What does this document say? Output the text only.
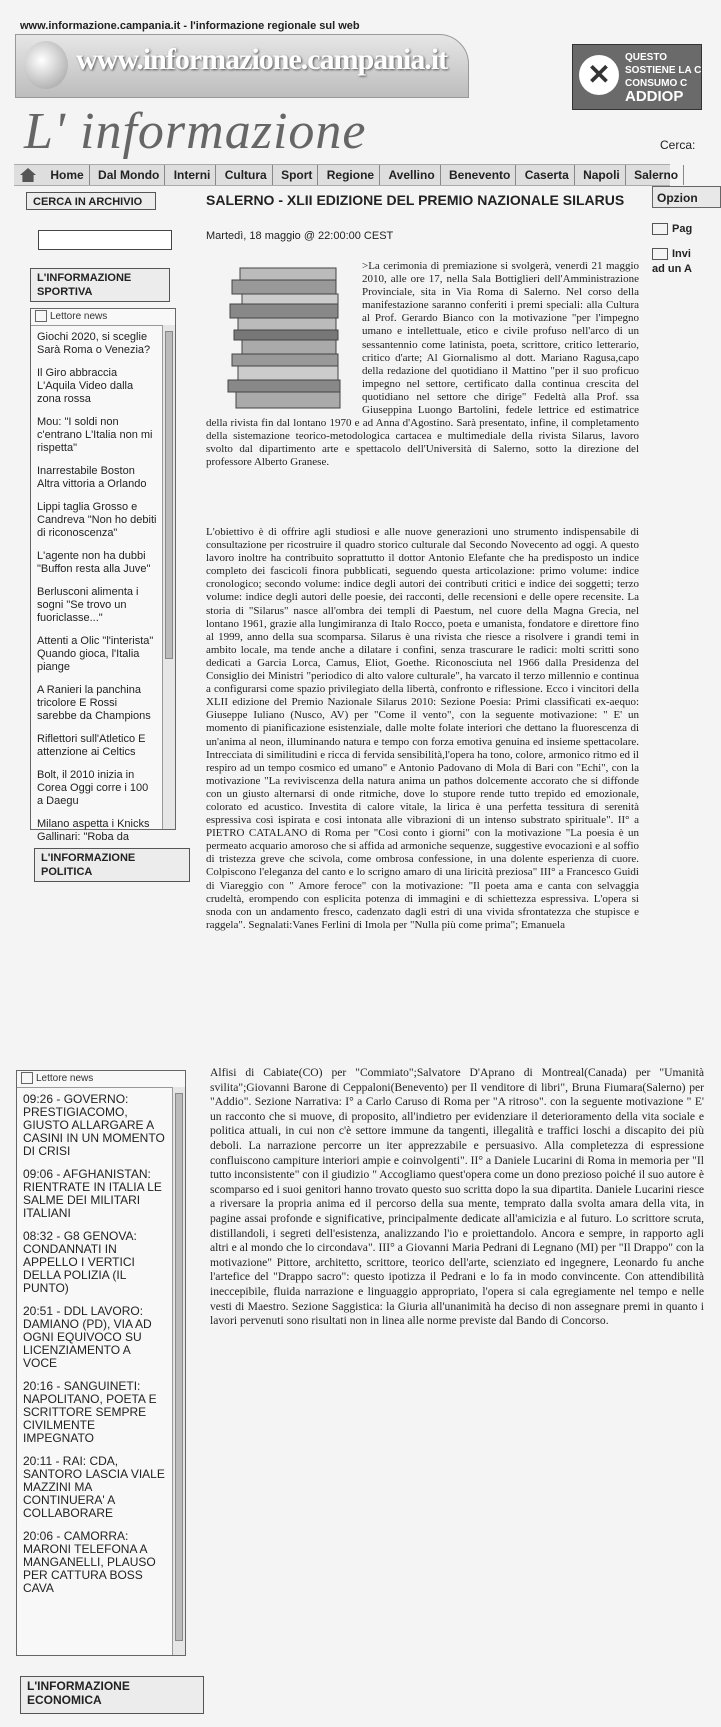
www.informazione.campania.it - l'informazione regionale sul web
www.informazione.campania.it	✕
QUESTO
SOSTIENE LA C
CONSUMO C
ADDIOP
L' informazione	Cerca:
Home Dal Mondo Interni Cultura Sport Regione Avellino Benevento Caserta Napoli Salerno
Opzion
Pag
Invi
ad un A
CERCA IN ARCHIVIO
L'INFORMAZIONE SPORTIVA
Lettore news
Giochi 2020, si sceglie Sarà Roma o Venezia?
Il Giro abbraccia L'Aquila Video dalla zona rossa
Mou: "I soldi non c'entrano L'Italia non mi rispetta"
Inarrestabile Boston Altra vittoria a Orlando
Lippi taglia Grosso e Candreva "Non ho debiti di riconoscenza"
L'agente non ha dubbi "Buffon resta alla Juve"
Berlusconi alimenta i sogni "Se trovo un fuoriclasse..."
Attenti a Olic "l'interista" Quando gioca, l'Italia piange
A Ranieri la panchina tricolore E Rossi sarebbe da Champions
Riflettori sull'Atletico E attenzione ai Celtics
Bolt, il 2010 inizia in Corea Oggi corre i 100 a Daegu
Milano aspetta i Knicks Gallinari: "Roba da
L'INFORMAZIONE POLITICA
Lettore news
09:26 - GOVERNO: PRESTIGIACOMO, GIUSTO ALLARGARE A CASINI IN UN MOMENTO DI CRISI
09:06 - AFGHANISTAN: RIENTRATE IN ITALIA LE SALME DEI MILITARI ITALIANI
08:32 - G8 GENOVA: CONDANNATI IN APPELLO I VERTICI DELLA POLIZIA (IL PUNTO)
20:51 - DDL LAVORO: DAMIANO (PD), VIA AD OGNI EQUIVOCO SU LICENZIAMENTO A VOCE
20:16 - SANGUINETI: NAPOLITANO, POETA E SCRITTORE SEMPRE CIVILMENTE IMPEGNATO
20:11 - RAI: CDA, SANTORO LASCIA VIALE MAZZINI MA CONTINUERA' A COLLABORARE
20:06 - CAMORRA: MARONI TELEFONA A MANGANELLI, PLAUSO PER CATTURA BOSS CAVA
L'INFORMAZIONE ECONOMICA
SALERNO - XLII EDIZIONE DEL PREMIO NAZIONALE SILARUS
Martedì, 18 maggio @ 22:00:00 CEST

>La cerimonia di premiazione si svolgerà, venerdì 21 maggio 2010, alle ore 17, nella Sala Bottiglieri dell'Amministrazione Provinciale, sita in Via Roma di Salerno. Nel corso della manifestazione saranno conferiti i premi speciali: alla Cultura al Prof. Gerardo Bianco con la motivazione "per l'impegno umano e intellettuale, etico e civile profuso nell'arco di un sessantennio come latinista, poeta, scrittore, critico letterario, critico d'arte; Al Giornalismo al dott. Mariano Ragusa,capo della redazione del quotidiano il Mattino "per il suo proficuo impegno nel settore, certificato dalla continua crescita del quotidiano nel settore che dirige" Fedeltà alla Prof. ssa Giuseppina Luongo Bartolini, fedele lettrice ed estimatrice della rivista fin dal lontano 1970 e ad Anna d'Agostino. Sarà presentato, infine, il completamento della sistemazione teorico-metodologica cartacea e multimediale della rivista Silarus, lavoro svolto dal dipartimento arte e spettacolo dell'Università di Salerno, sotto la direzione del professore Alberto Granese.

L'obiettivo è di offrire agli studiosi e alle nuove generazioni uno strumento indispensabile di consultazione per ricostruire il quadro storico culturale dal Secondo Novecento ad oggi. A questo lavoro inoltre ha contribuito soprattutto il dottor Antonio Elefante che ha predisposto un indice completo dei fascicoli finora pubblicati, seguendo questa articolazione: primo volume: indice cronologico; secondo volume: indice degli autori dei contributi critici e indice dei soggetti; terzo volume: indice degli autori delle poesie, dei racconti, delle recensioni e delle opere recensite. La storia di "Silarus" nasce all'ombra dei templi di Paestum, nel cuore della Magna Grecia, nel lontano 1961, grazie alla lungimiranza di Italo Rocco, poeta e umanista, fondatore e direttore fino al 1999, anno della sua scomparsa. Silarus è una rivista che riesce a risolvere i grandi temi in ambito locale, ma tende anche a dilatare i confini, senza trascurare le radici: molti scritti sono dedicati a Garcia Lorca, Camus, Eliot, Goethe. Riconosciuta nel 1966 dalla Presidenza del Consiglio dei Ministri "periodico di alto valore culturale", ha varcato il terzo millennio e continua a configurarsi come spazio privilegiato della libertà, confronto e riflessione. Ecco i vincitori della XLII edizione del Premio Nazionale Silarus 2010: Sezione Poesia: Primi classificati ex-aequo: Giuseppe Iuliano (Nusco, AV) per "Come il vento", con la seguente motivazione: " E' un momento di pianificazione esistenziale, dalle molte folate interiori che dettano la fluorescenza di un'anima al neon, illuminando natura e tempo con forza emotiva genuina ed insieme spettacolare. Intrecciata di similitudini e ricca di fervida sensibilità,l'opera ha tono, colore, armonico ritmo ed il respiro ad un tempo cosmico ed umano" e Antonio Padovano di Mola di Bari con "Echi", con la motivazione "La reviviscenza della natura anima un pathos dolcemente accorato che si diffonde con un giusto alternarsi di onde ritmiche, dove lo stupore rende tutto trepido ed emozionale, colorato ed acustico. Investita di calore vitale, la lirica è una perfetta tessitura di serenità espressiva così ispirata e così intonata alle vibrazioni di un intenso substrato spirituale". II° a PIETRO CATALANO di Roma per "Così conto i giorni" con la motivazione "La poesia è un permeato acquario amoroso che si affida ad armoniche sequenze, suggestive evocazioni e al soffio di tristezza greve che scivola, come ombrosa confessione, in una dolente esperienza di cuore. Colpiscono l'eleganza del canto e lo scrigno amaro di una liricità preziosa" III° a Francesco Guidi di Viareggio con " Amore feroce" con la motivazione: "Il poeta ama e canta con selvaggia crudeltà, erompendo con esplicita potenza di immagini e di schiettezza espressiva. L'opera si snoda con un andamento fresco, cadenzato dagli estri di una vivida sfrontatezza che stupisce e raggela". Segnalati:Vanes Ferlini di Imola per "Nulla più come prima"; Emanuela

Alfisi di Cabiate(CO) per "Commiato";Salvatore D'Aprano di Montreal(Canada) per "Umanità svilita";Giovanni Barone di Ceppaloni(Benevento) per Il venditore di libri", Bruna Fiumara(Salerno) per "Addio". Sezione Narrativa: I° a Carlo Caruso di Roma per "A ritroso". con la seguente motivazione " E' un racconto che si muove, di proposito, all'indietro per evidenziare il deterioramento della vita sociale e politica attuali, in cui non c'è settore immune da tangenti, illegalità e traffici loschi a discapito dei più deboli. La narrazione percorre un iter apprezzabile e persuasivo. Alla completezza di espressione confluiscono campiture interiori ampie e coinvolgenti". II° a Daniele Lucarini di Roma in memoria per "Il tutto inconsistente" con il giudizio " Accogliamo quest'opera come un dono prezioso poiché il suo autore è scomparso ed i suoi genitori hanno trovato questo suo scritta dopo la sua dipartita. Daniele Lucarini riesce a riversare la propria anima ed il percorso della sua mente, temprato dalla svolta amara della vita, in pagine assai profonde e significative, principalmente dedicate all'amicizia e al futuro. Lo scrittore scruta, distillandoli, i segreti dell'esistenza, analizzando l'io e proiettandolo. Ancora e sempre, in rapporto agli altri e al mondo che lo circondava". III° a Giovanni Maria Pedrani di Legnano (MI) per "Il Drappo" con la motivazione" Pittore, architetto, scrittore, teorico dell'arte, scienziato ed ingegnere, Leonardo fu anche l'artefice del "Drappo sacro": questo ipotizza il Pedrani e lo fa in modo convincente. Con attendibilità ineccepibile, fluida narrazione e linguaggio appropriato, l'opera si cala egregiamente nel tempo e nelle vesti di Maestro. Sezione Saggistica: la Giuria all'unanimità ha deciso di non assegnare premi in quanto i lavori pervenuti sono risultati non in linea alle norme previste dal Bando di Concorso.
